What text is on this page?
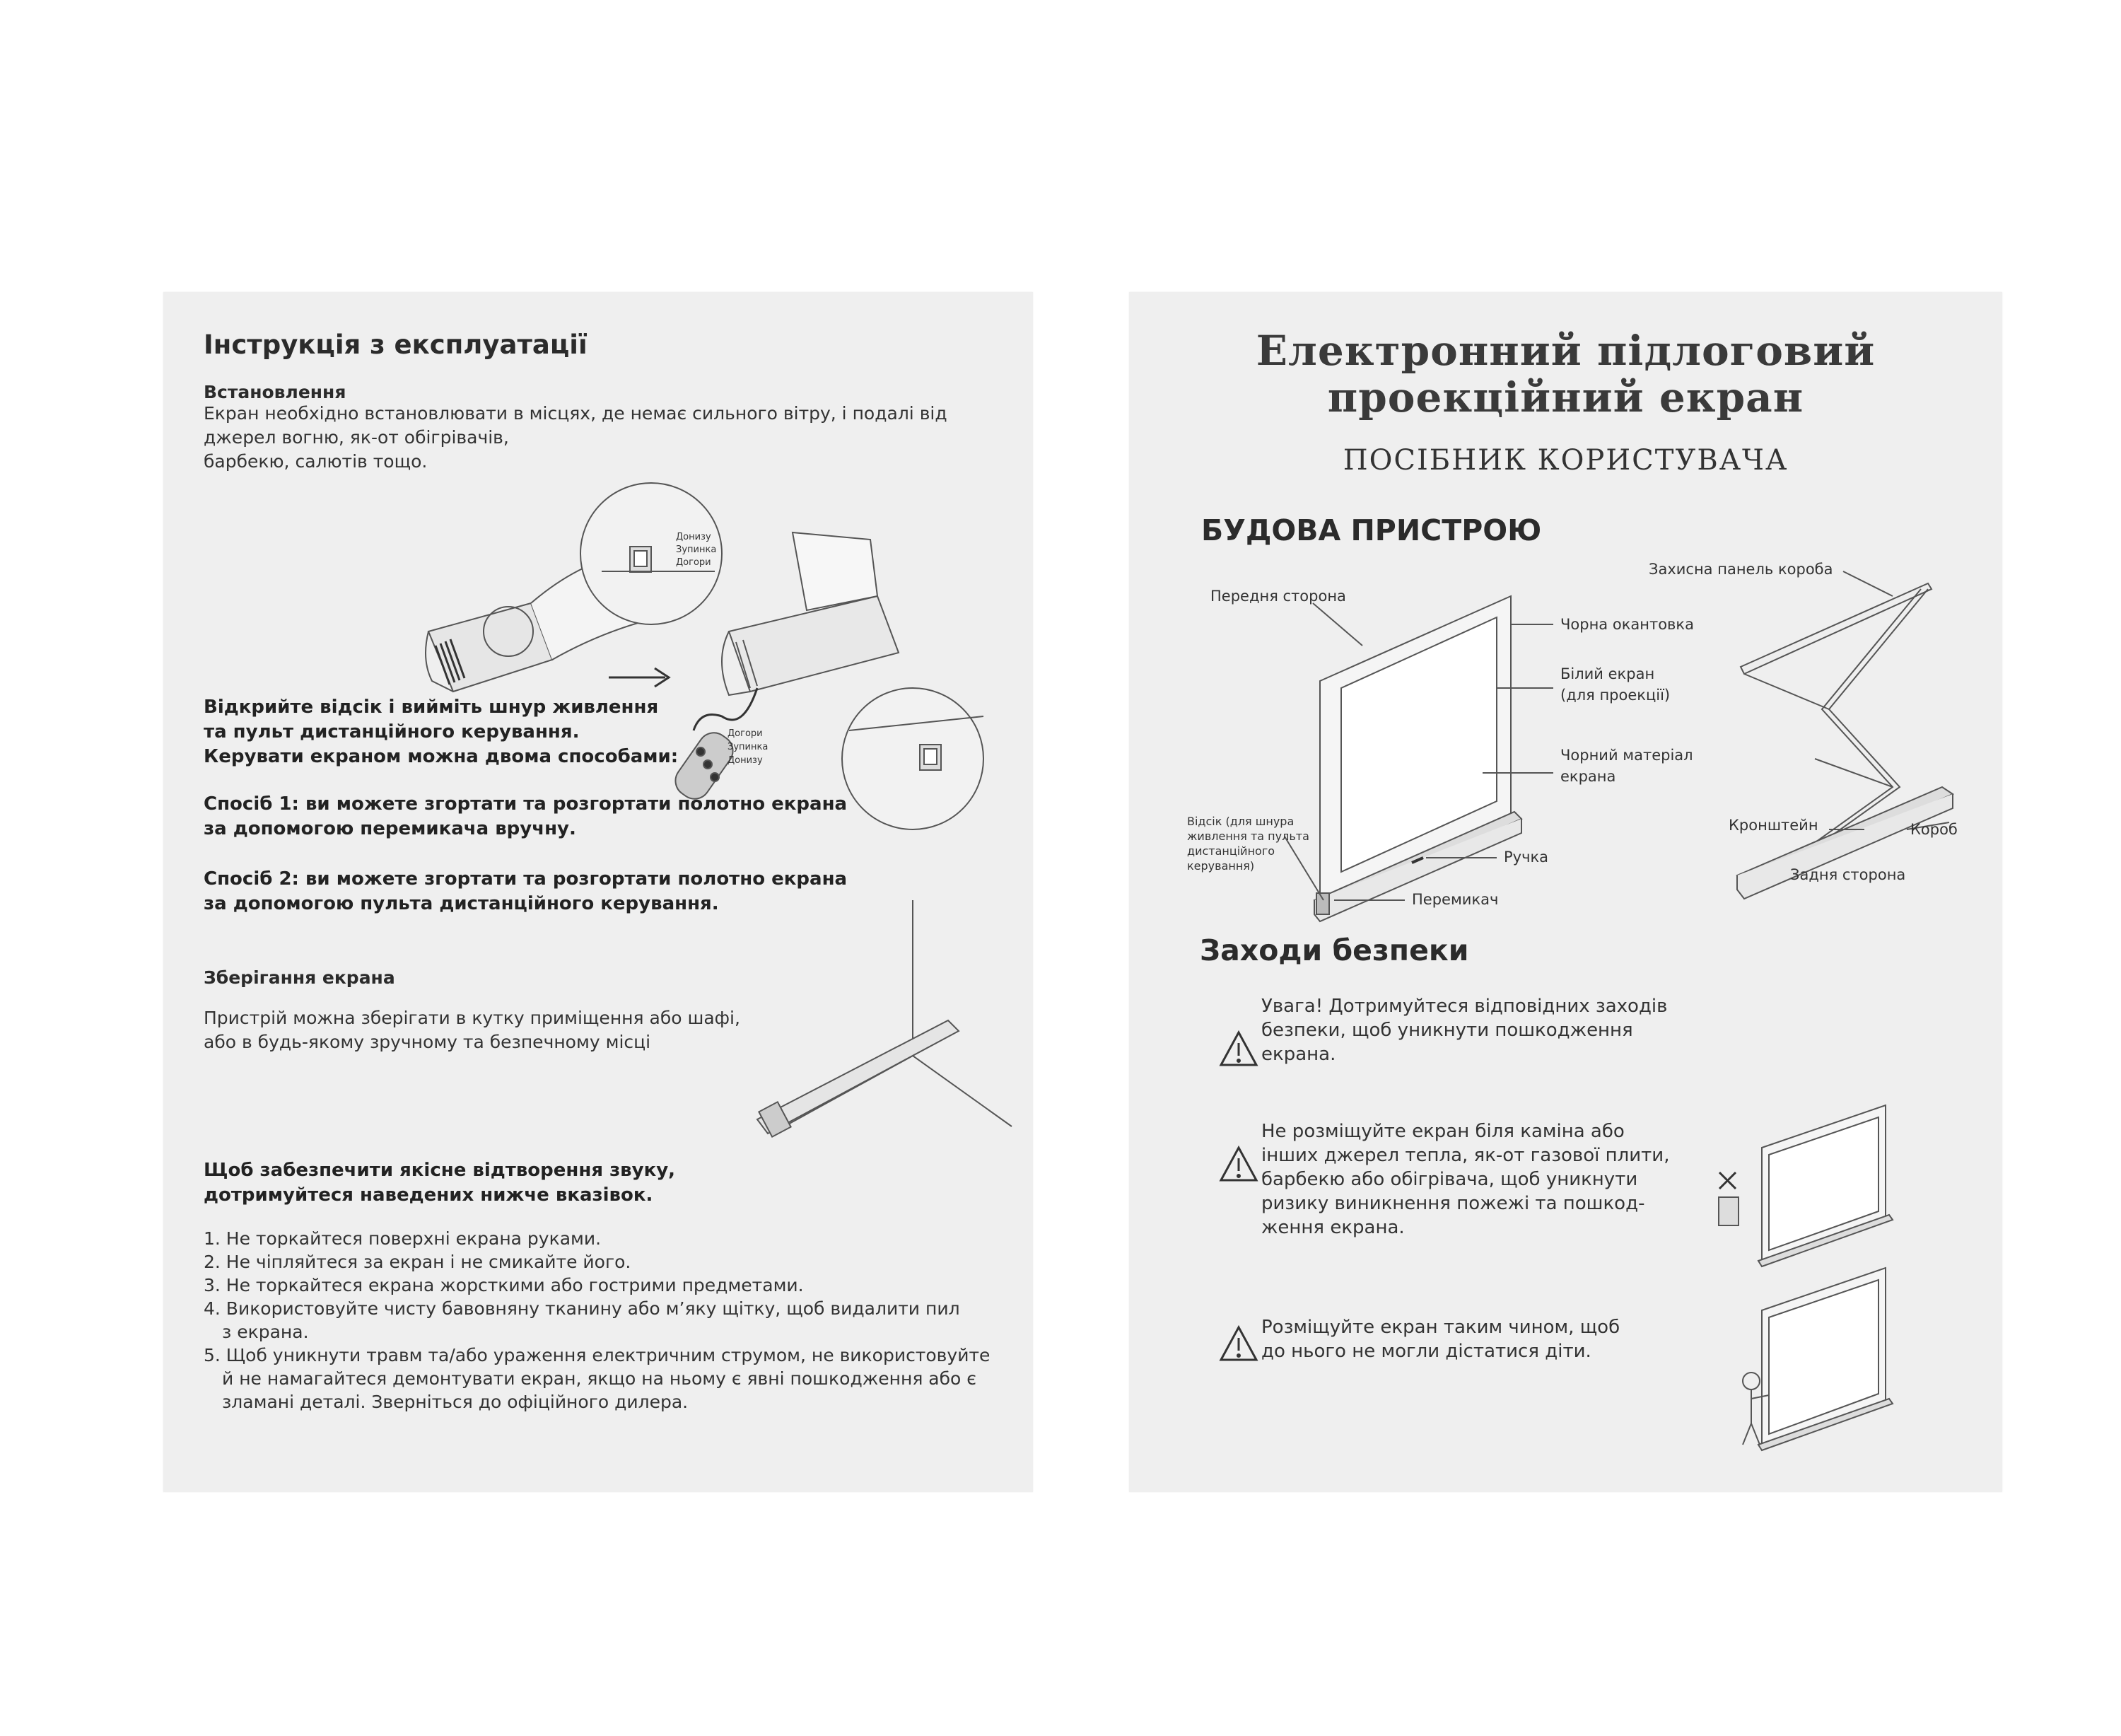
Інструкція з експлуатації
Встановлення
Екран необхідно встановлювати в місцях, де немає сильного вітру, і подалі від
джерел вогню, як-от обігрівачів,
барбекю, салютів тощо.
Донизу
Зупинка
Догори
Догори
Зупинка
Донизу
Відкрийте відсік і вийміть шнур живлення
та пульт дистанційного керування.
Керувати екраном можна двома способами:
Спосіб 1: ви можете згортати та розгортати полотно екрана
за допомогою перемикача вручну.
Спосіб 2: ви можете згортати та розгортати полотно екрана
за допомогою пульта дистанційного керування.
Зберігання екрана
Пристрій можна зберігати в кутку приміщення або шафі,
або в будь-якому зручному та безпечному місці
Щоб забезпечити якісне відтворення звуку,
дотримуйтеся наведених нижче вказівок.
1. Не торкайтеся поверхні екрана руками.
2. Не чіпляйтеся за екран і не смикайте його.
3. Не торкайтеся екрана жорсткими або гострими предметами.
4. Використовуйте чисту бавовняну тканину або м’яку щітку, щоб видалити пил
з екрана.
5. Щоб уникнути травм та/або ураження електричним струмом, не використовуйте
й не намагайтеся демонтувати екран, якщо на ньому є явні пошкодження або є
зламані деталі. Зверніться до офіційного дилера.
Електронний підлоговий
проекційний екран
ПОСІБНИК КОРИСТУВАЧА
БУДОВА ПРИСТРОЮ
Передня сторона
Чорна окантовка
Білий екран
(для проекції)
Чорний матеріал
екрана
Відсік (для шнура
живлення та пульта
дистанційного
керування)
Ручка
Перемикач
Захисна панель короба
Кронштейн	Короб
Задня сторона
Заходи безпеки
Увага! Дотримуйтеся відповідних заходів
безпеки, щоб уникнути пошкодження
екрана.
Не розміщуйте екран біля каміна або
інших джерел тепла, як-от газової плити,
барбекю або обігрівача, щоб уникнути
ризику виникнення пожежі та пошкод-
ження екрана.
Розміщуйте екран таким чином, щоб
до нього не могли дістатися діти.
